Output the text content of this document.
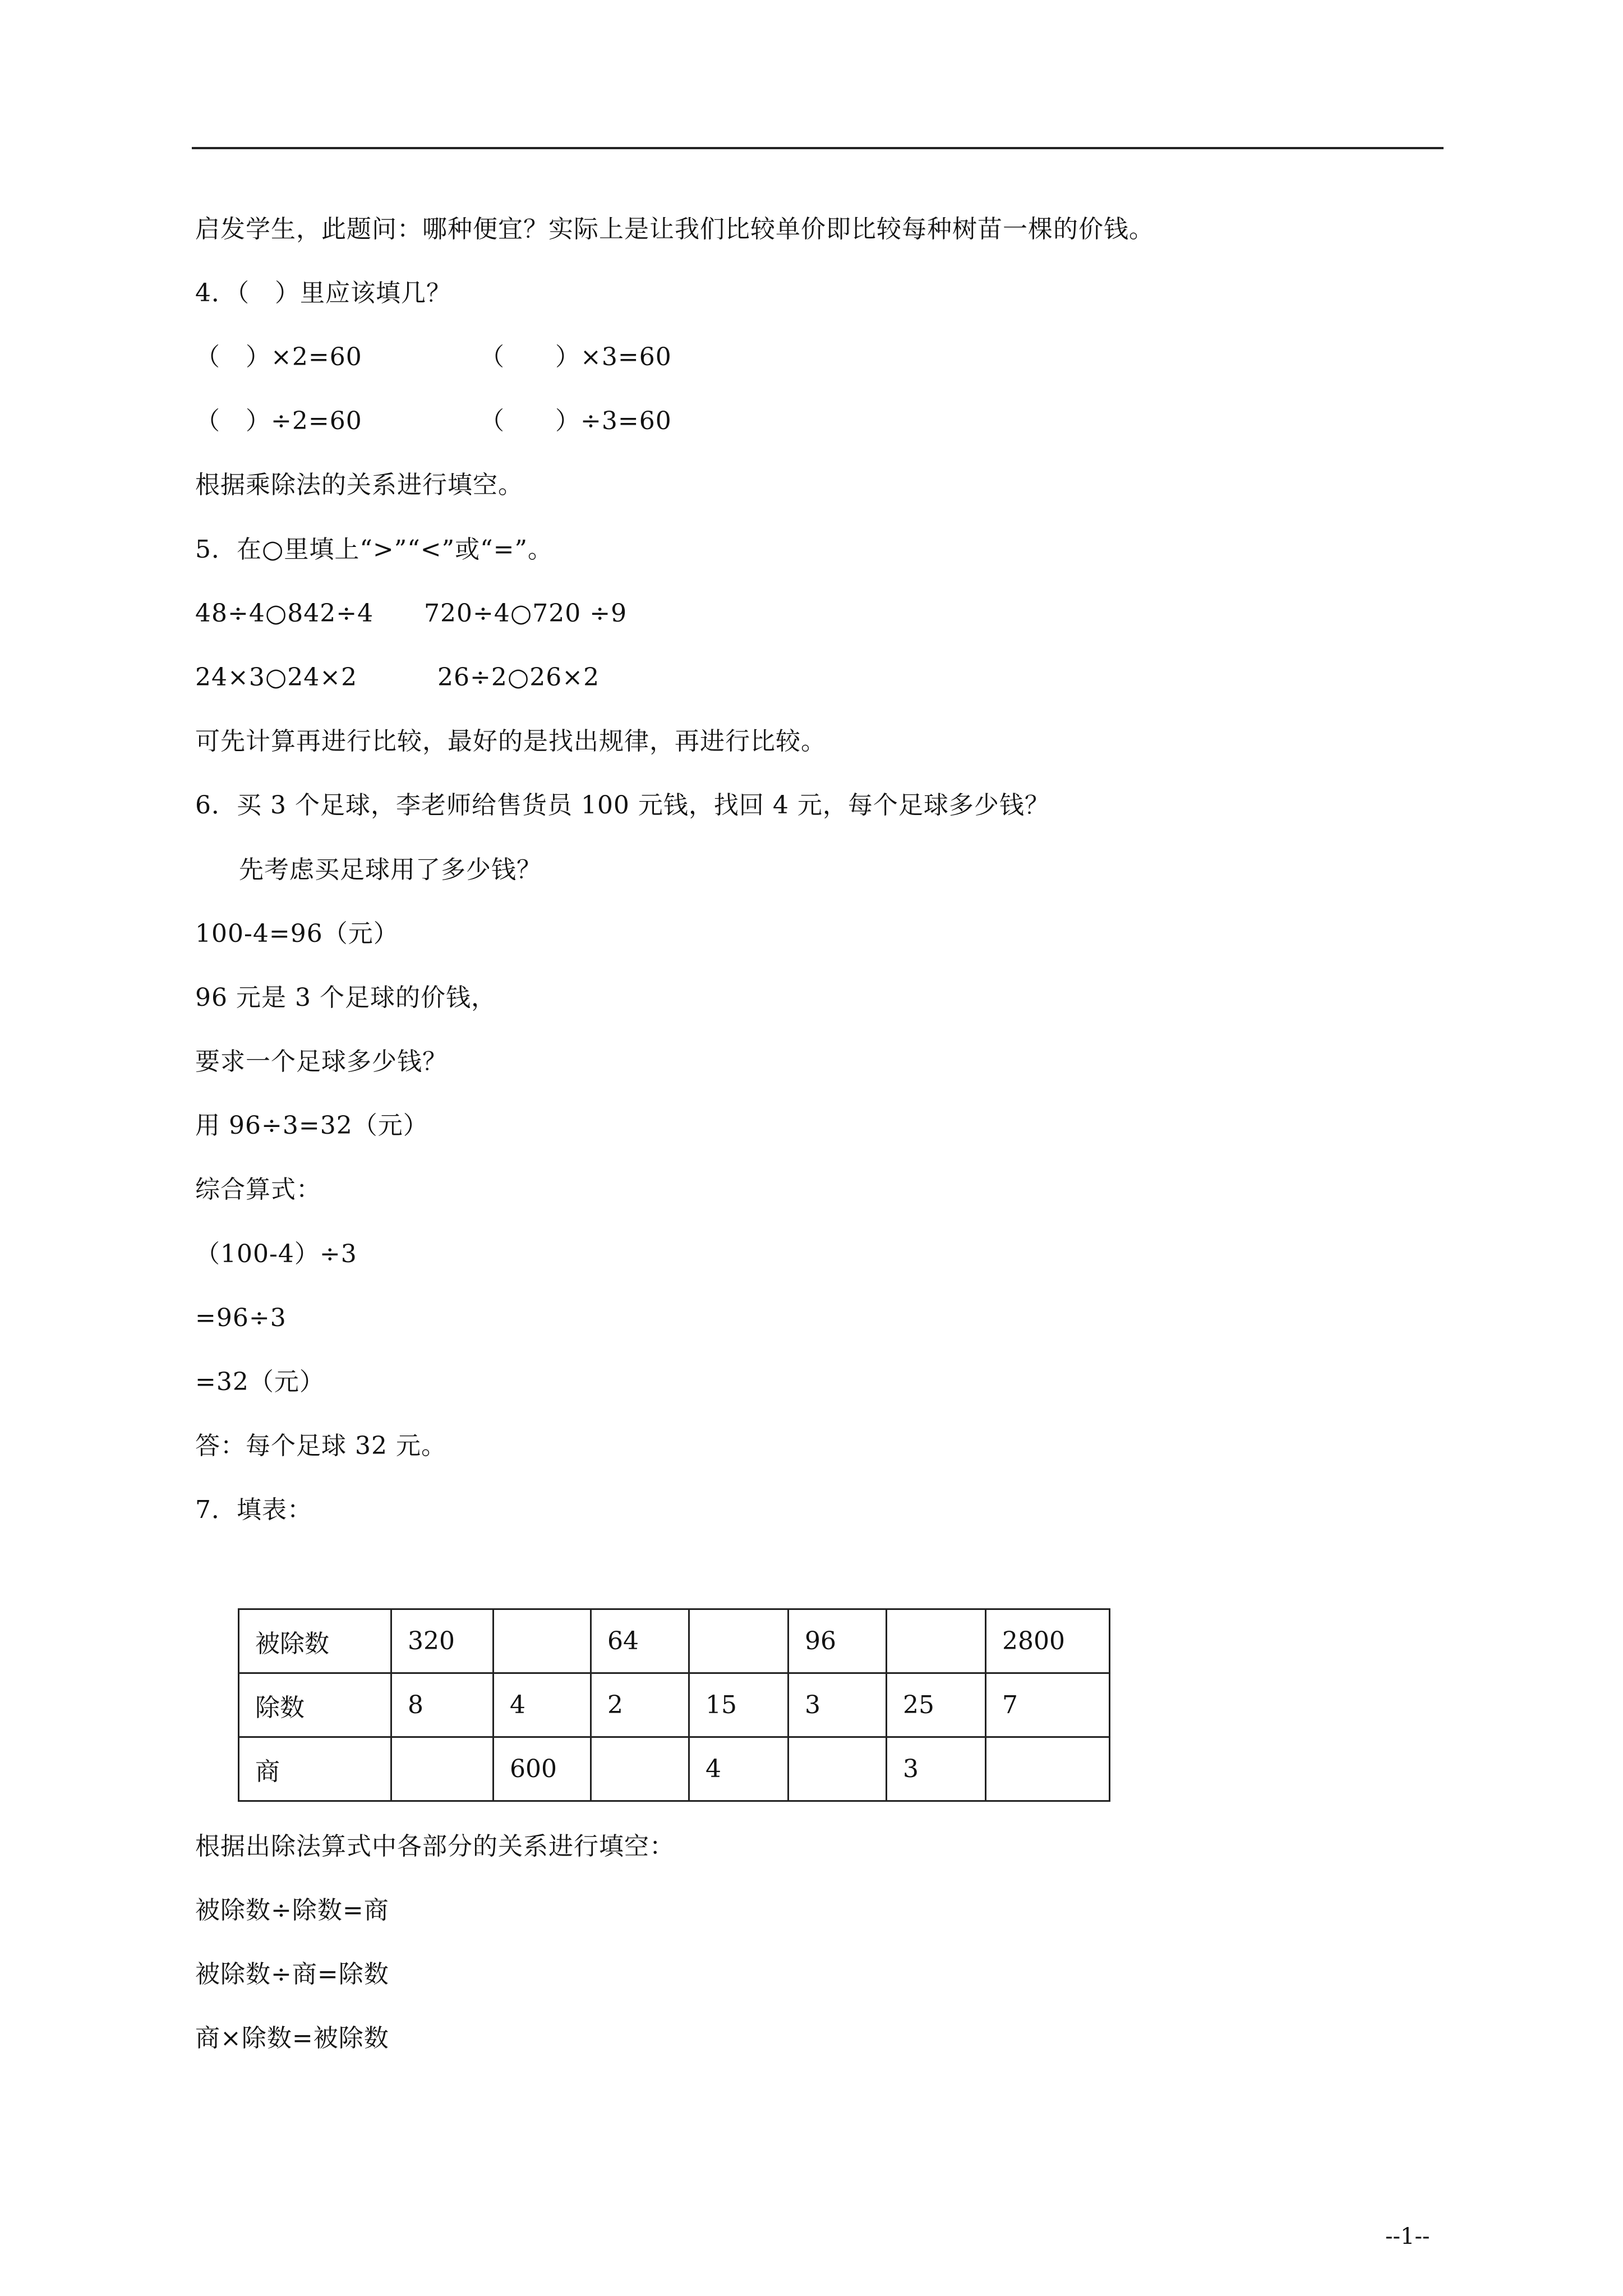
启发学生，此题问：哪种便宜？实际上是让我们比较单价即比较每种树苗一棵的价钱。
4．（　）里应该填几？
（　）×2=60	（　　）×3=60
（　）÷2=60	（　　）÷3=60
根据乘除法的关系进行填空。
5．在○里填上“>”“<”或“=”。
48÷4○842÷4 720÷4○720 ÷9
24×3○24×2	26÷2○26×2
可先计算再进行比较，最好的是找出规律，再进行比较。
6．买 3 个足球，李老师给售货员 100 元钱，找回 4 元，每个足球多少钱？
先考虑买足球用了多少钱？
100-4=96（元）
96 元是 3 个足球的价钱，
要求一个足球多少钱？
用 96÷3=32（元）
综合算式：
（100-4）÷3
=96÷3
=32（元）
答：每个足球 32 元。
7．填表：
被除数	320		64		96		2800
除数	8	4	2	15	3	25	7
商		600		4		3	
根据出除法算式中各部分的关系进行填空：
被除数÷除数=商
被除数÷商=除数
商×除数=被除数
--1--
